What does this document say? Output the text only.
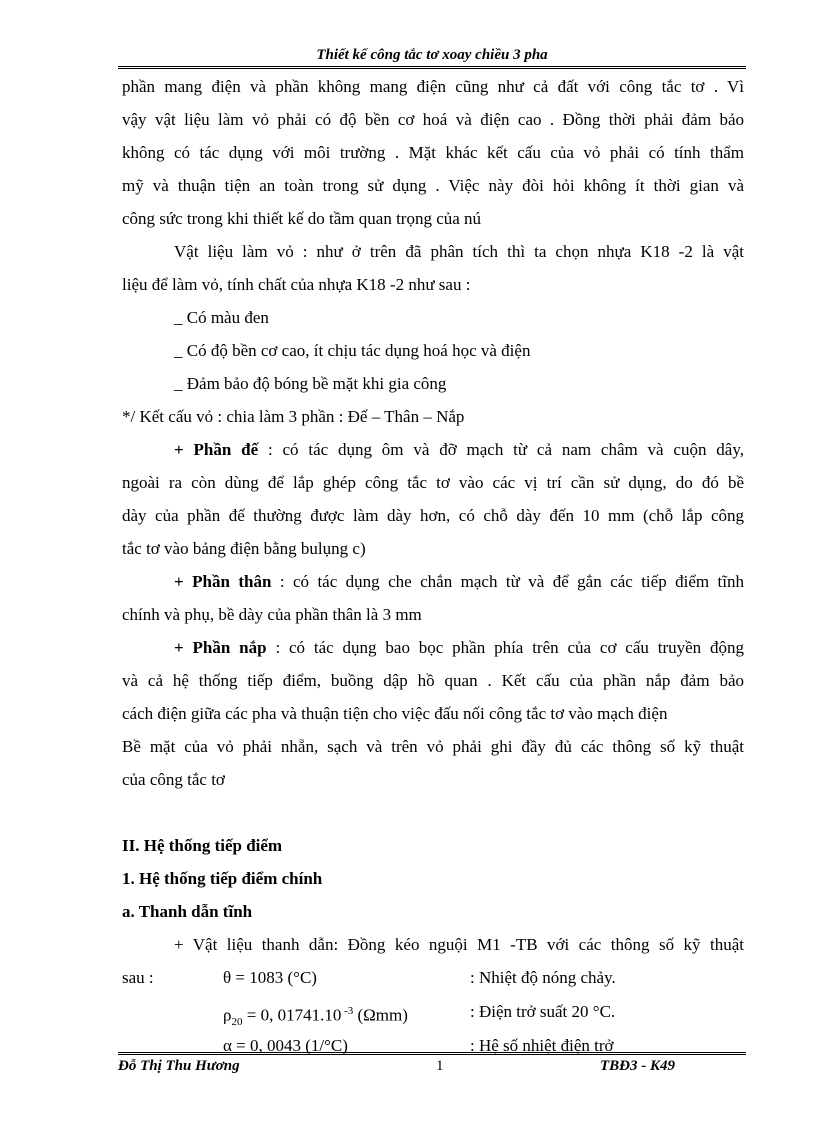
Thiết kế công tắc tơ xoay chiều 3 pha

phần mang điện và phần không mang điện cũng như cả đất với công tắc tơ . Vì

vậy vật liệu làm vỏ phải có độ bền cơ hoá và điện cao . Đồng thời phải đảm bảo

không có tác dụng với môi trường . Mặt khác kết cấu của vỏ phải có tính thẩm

mỹ và thuận tiện an toàn trong sử dụng . Việc này đòi hỏi không ít thời gian và

công sức trong khi thiết kế do tầm quan trọng của nú

Vật liệu làm vỏ : như ở trên đã phân tích thì ta chọn nhựa K18 -2 là vật

liệu để làm vỏ, tính chất của nhựa K18 -2 như sau :

_ Có màu đen

_ Có độ bền cơ cao, ít chịu tác dụng hoá học và điện

_ Đảm bảo độ bóng bề mặt khi gia công

*/ Kết cấu vỏ : chia làm 3 phần : Đế – Thân – Nắp

+ Phần đế : có tác dụng ôm và đỡ mạch từ cả nam châm và cuộn dây,

ngoài ra còn dùng để lắp ghép công tắc tơ vào các vị trí cần sử dụng, do đó bề

dày của phần đế thường được làm dày hơn, có chỗ dày đến 10 mm (chỗ lắp công

tắc tơ vào bảng điện bằng bulụng c)

+ Phần thân : có tác dụng che chắn mạch từ và để gắn các tiếp điểm tĩnh

chính và phụ, bề dày của phần thân là 3 mm

+ Phần nắp : có tác dụng bao bọc phần phía trên của cơ cấu truyền động

và cả hệ thống tiếp điểm, buồng dập hồ quan . Kết cấu của phần nắp đảm bảo

cách điện giữa các pha và thuận tiện cho việc đấu nối công tắc tơ vào mạch điện

Bề mặt của vỏ phải nhẵn, sạch và trên vỏ phải ghi đầy đủ các thông số kỹ thuật

của công tắc tơ

II. Hệ thống tiếp điểm

1. Hệ thống tiếp điểm chính

a. Thanh dẫn tĩnh

+ Vật liệu thanh dẫn: Đồng kéo nguội M1 -TB với các thông số kỹ thuật

sau :	θ = 1083 (°C)	: Nhiệt độ nóng chảy.
$\rho_{20} = 0$, 01741.10 $^{-3}$ (Ωmm)	: Điện trở suất 20 °C.
α = 0, 0043 (1/°C)	: Hệ số nhiệt điện trở
Đỗ Thị Thu Hương	1	TBĐ3 - K49
